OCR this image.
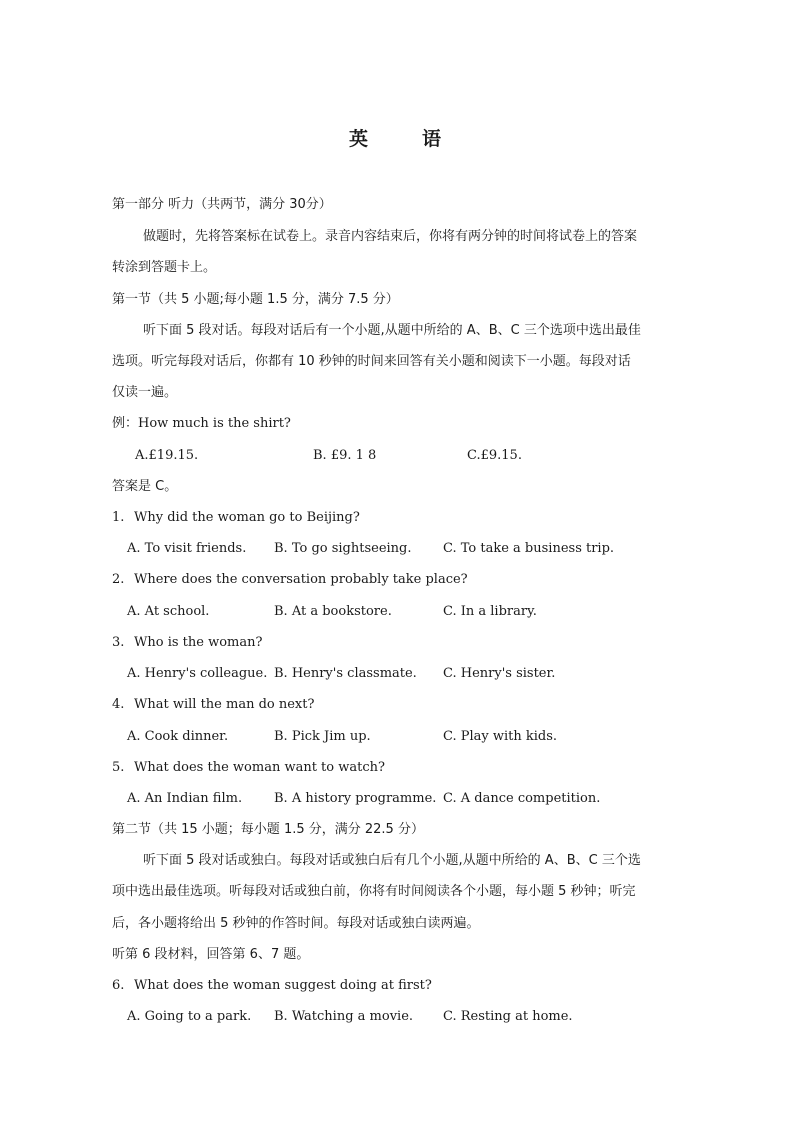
英	语
第一部分 听力（共两节，满分 30分）
做题时，先将答案标在试卷上。录音内容结束后，你将有两分钟的时间将试卷上的答案
转涂到答题卡上。
第一节（共 5 小题;每小题 1.5 分，满分 7.5 分）
听下面 5 段对话。每段对话后有一个小题,从题中所给的 A、B、C 三个选项中选出最佳
选项。听完每段对话后，你都有 10 秒钟的时间来回答有关小题和阅读下一小题。每段对话
仅读一遍。
例：How much is the shirt?
A.£19.15.	B. £9. 1 8	C.£9.15.
答案是 C。
1. Why did the woman go to Beijing?
A. To visit friends. B. To go sightseeing. C. To take a business trip.
2. Where does the conversation probably take place?
A. At school.	B. At a bookstore.	C. In a library.
3. Who is the woman?
A. Henry's colleague. B. Henry's classmate. C. Henry's sister.
4. What will the man do next?
A. Cook dinner.	B. Pick Jim up.	C. Play with kids.
5. What does the woman want to watch?
A. An Indian film. B. A history programme. C. A dance competition.
第二节（共 15 小题；每小题 1.5 分，满分 22.5 分）
听下面 5 段对话或独白。每段对话或独白后有几个小题,从题中所给的 A、B、C 三个选
项中选出最佳选项。听每段对话或独白前，你将有时间阅读各个小题，每小题 5 秒钟；听完
后，各小题将给出 5 秒钟的作答时间。每段对话或独白读两遍。
听第 6 段材料，回答第 6、7 题。
6. What does the woman suggest doing at first?
A. Going to a park. B. Watching a movie. C. Resting at home.
